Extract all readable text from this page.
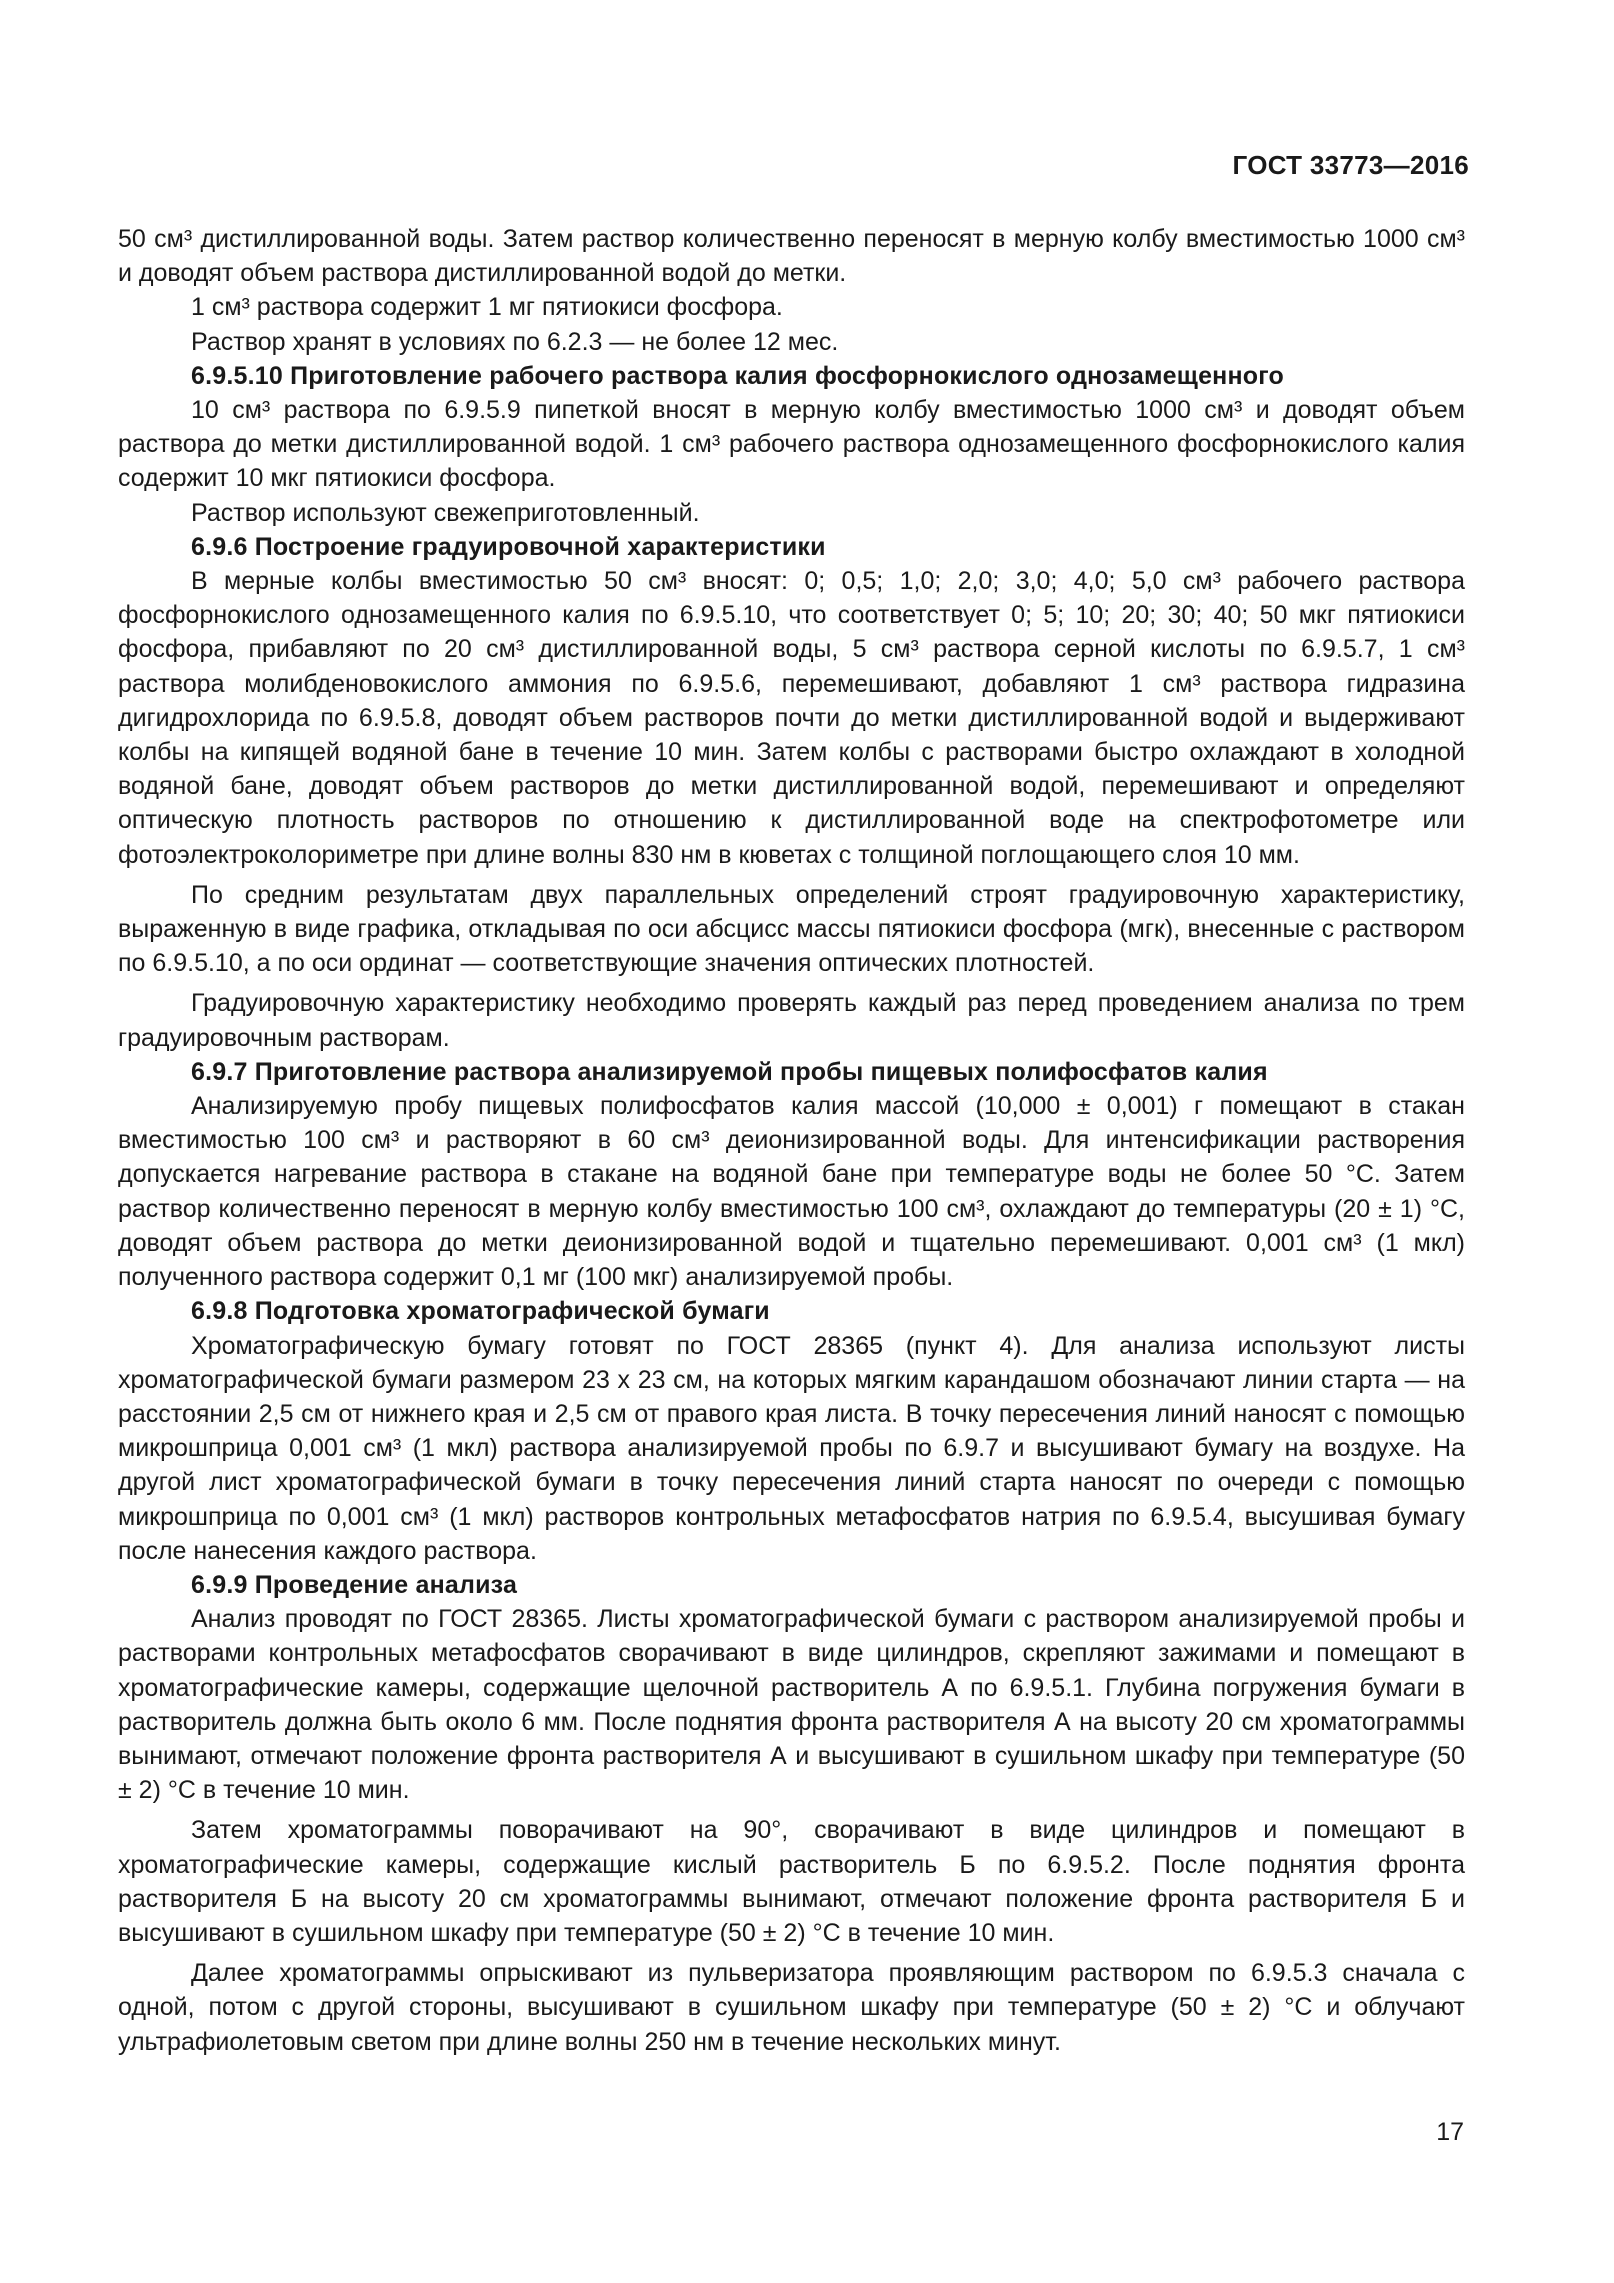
ГОСТ 33773—2016

50 см³ дистиллированной воды. Затем раствор количественно переносят в мерную колбу вместимостью 1000 см³ и доводят объем раствора дистиллированной водой до метки.

1 см³ раствора содержит 1 мг пятиокиси фосфора.

Раствор хранят в условиях по 6.2.3 — не более 12 мес.

6.9.5.10 Приготовление рабочего раствора калия фосфорнокислого однозамещенного

10 см³ раствора по 6.9.5.9 пипеткой вносят в мерную колбу вместимостью 1000 см³ и доводят объем раствора до метки дистиллированной водой. 1 см³ рабочего раствора однозамещенного фосфорнокислого калия содержит 10 мкг пятиокиси фосфора.

Раствор используют свежеприготовленный.

6.9.6 Построение градуировочной характеристики

В мерные колбы вместимостью 50 см³ вносят: 0; 0,5; 1,0; 2,0; 3,0; 4,0; 5,0 см³ рабочего раствора фосфорнокислого однозамещенного калия по 6.9.5.10, что соответствует 0; 5; 10; 20; 30; 40; 50 мкг пятиокиси фосфора, прибавляют по 20 см³ дистиллированной воды, 5 см³ раствора серной кислоты по 6.9.5.7, 1 см³ раствора молибденовокислого аммония по 6.9.5.6, перемешивают, добавляют 1 см³ раствора гидразина дигидрохлорида по 6.9.5.8, доводят объем растворов почти до метки дистиллированной водой и выдерживают колбы на кипящей водяной бане в течение 10 мин. Затем колбы с растворами быстро охлаждают в холодной водяной бане, доводят объем растворов до метки дистиллированной водой, перемешивают и определяют оптическую плотность растворов по отношению к дистиллированной воде на спектрофотометре или фотоэлектроколориметре при длине волны 830 нм в кюветах с толщиной поглощающего слоя 10 мм.

По средним результатам двух параллельных определений строят градуировочную характеристику, выраженную в виде графика, откладывая по оси абсцисс массы пятиокиси фосфора (мгк), внесенные с раствором по 6.9.5.10, а по оси ординат — соответствующие значения оптических плотностей.

Градуировочную характеристику необходимо проверять каждый раз перед проведением анализа по трем градуировочным растворам.

6.9.7 Приготовление раствора анализируемой пробы пищевых полифосфатов калия

Анализируемую пробу пищевых полифосфатов калия массой (10,000 ± 0,001) г помещают в стакан вместимостью 100 см³ и растворяют в 60 см³ деионизированной воды. Для интенсификации растворения допускается нагревание раствора в стакане на водяной бане при температуре воды не более 50 °С. Затем раствор количественно переносят в мерную колбу вместимостью 100 см³, охлаждают до температуры (20 ± 1) °С, доводят объем раствора до метки деионизированной водой и тщательно перемешивают. 0,001 см³ (1 мкл) полученного раствора содержит 0,1 мг (100 мкг) анализируемой пробы.

6.9.8 Подготовка хроматографической бумаги

Хроматографическую бумагу готовят по ГОСТ 28365 (пункт 4). Для анализа используют листы хроматографической бумаги размером 23 х 23 см, на которых мягким карандашом обозначают линии старта — на расстоянии 2,5 см от нижнего края и 2,5 см от правого края листа. В точку пересечения линий наносят с помощью микрошприца 0,001 см³ (1 мкл) раствора анализируемой пробы по 6.9.7 и высушивают бумагу на воздухе. На другой лист хроматографической бумаги в точку пересечения линий старта наносят по очереди с помощью микрошприца по 0,001 см³ (1 мкл) растворов контрольных метафосфатов натрия по 6.9.5.4, высушивая бумагу после нанесения каждого раствора.

6.9.9 Проведение анализа

Анализ проводят по ГОСТ 28365. Листы хроматографической бумаги с раствором анализируемой пробы и растворами контрольных метафосфатов сворачивают в виде цилиндров, скрепляют зажимами и помещают в хроматографические камеры, содержащие щелочной растворитель А по 6.9.5.1. Глубина погружения бумаги в растворитель должна быть около 6 мм. После поднятия фронта растворителя А на высоту 20 см хроматограммы вынимают, отмечают положение фронта растворителя А и высушивают в сушильном шкафу при температуре (50 ± 2) °С в течение 10 мин.

Затем хроматограммы поворачивают на 90°, сворачивают в виде цилиндров и помещают в хроматографические камеры, содержащие кислый растворитель Б по 6.9.5.2. После поднятия фронта растворителя Б на высоту 20 см хроматограммы вынимают, отмечают положение фронта растворителя Б и высушивают в сушильном шкафу при температуре (50 ± 2) °С в течение 10 мин.

Далее хроматограммы опрыскивают из пульверизатора проявляющим раствором по 6.9.5.3 сначала с одной, потом с другой стороны, высушивают в сушильном шкафу при температуре (50 ± 2) °С и облучают ультрафиолетовым светом при длине волны 250 нм в течение нескольких минут.

17
